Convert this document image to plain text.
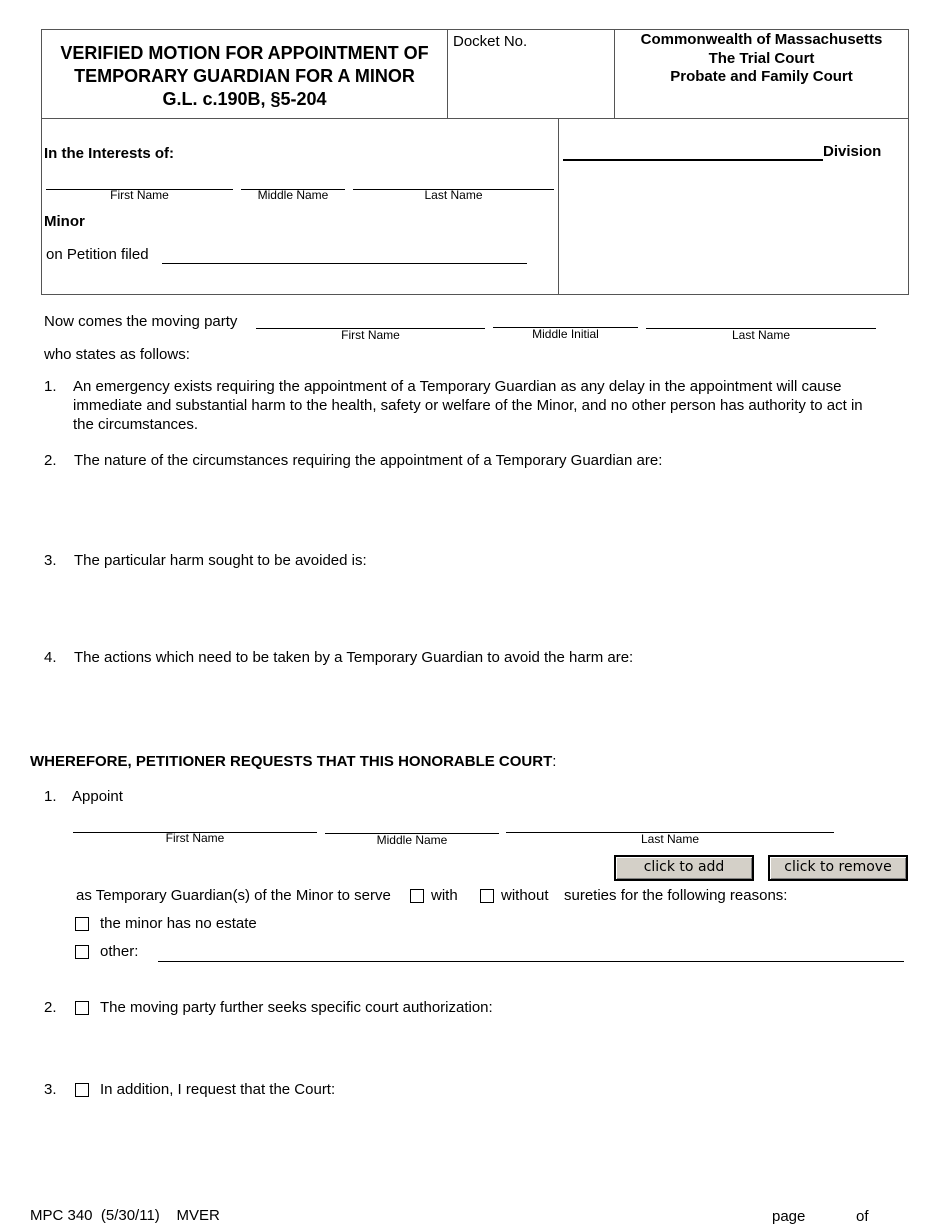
VERIFIED MOTION FOR APPOINTMENT OF
TEMPORARY GUARDIAN FOR A MINOR
G.L. c.190B, §5-204
Docket No.	Commonwealth of Massachusetts
The Trial Court
Probate and Family Court
In the Interests of:
First Name	Middle Name	Last Name
Minor
on Petition filed
Division
Now comes the moving party
First Name	Middle Initial	Last Name
who states as follows:
1. An emergency exists requiring the appointment of a Temporary Guardian as any delay in the appointment will cause immediate and substantial harm to the health, safety or welfare of the Minor, and no other person has authority to act in the circumstances.
2. The nature of the circumstances requiring the appointment of a Temporary Guardian are:
3. The particular harm sought to be avoided is:
4. The actions which need to be taken by a Temporary Guardian to avoid the harm are:
WHEREFORE, PETITIONER REQUESTS THAT THIS HONORABLE COURT:
1. Appoint
First Name	Middle Name	Last Name
click to add	click to remove
as Temporary Guardian(s) of the Minor to serve	with	without sureties for the following reasons:
the minor has no estate
other:
2.	The moving party further seeks specific court authorization:
3.	In addition, I request that the Court:
MPC 340  (5/30/11)    MVER	page	of
